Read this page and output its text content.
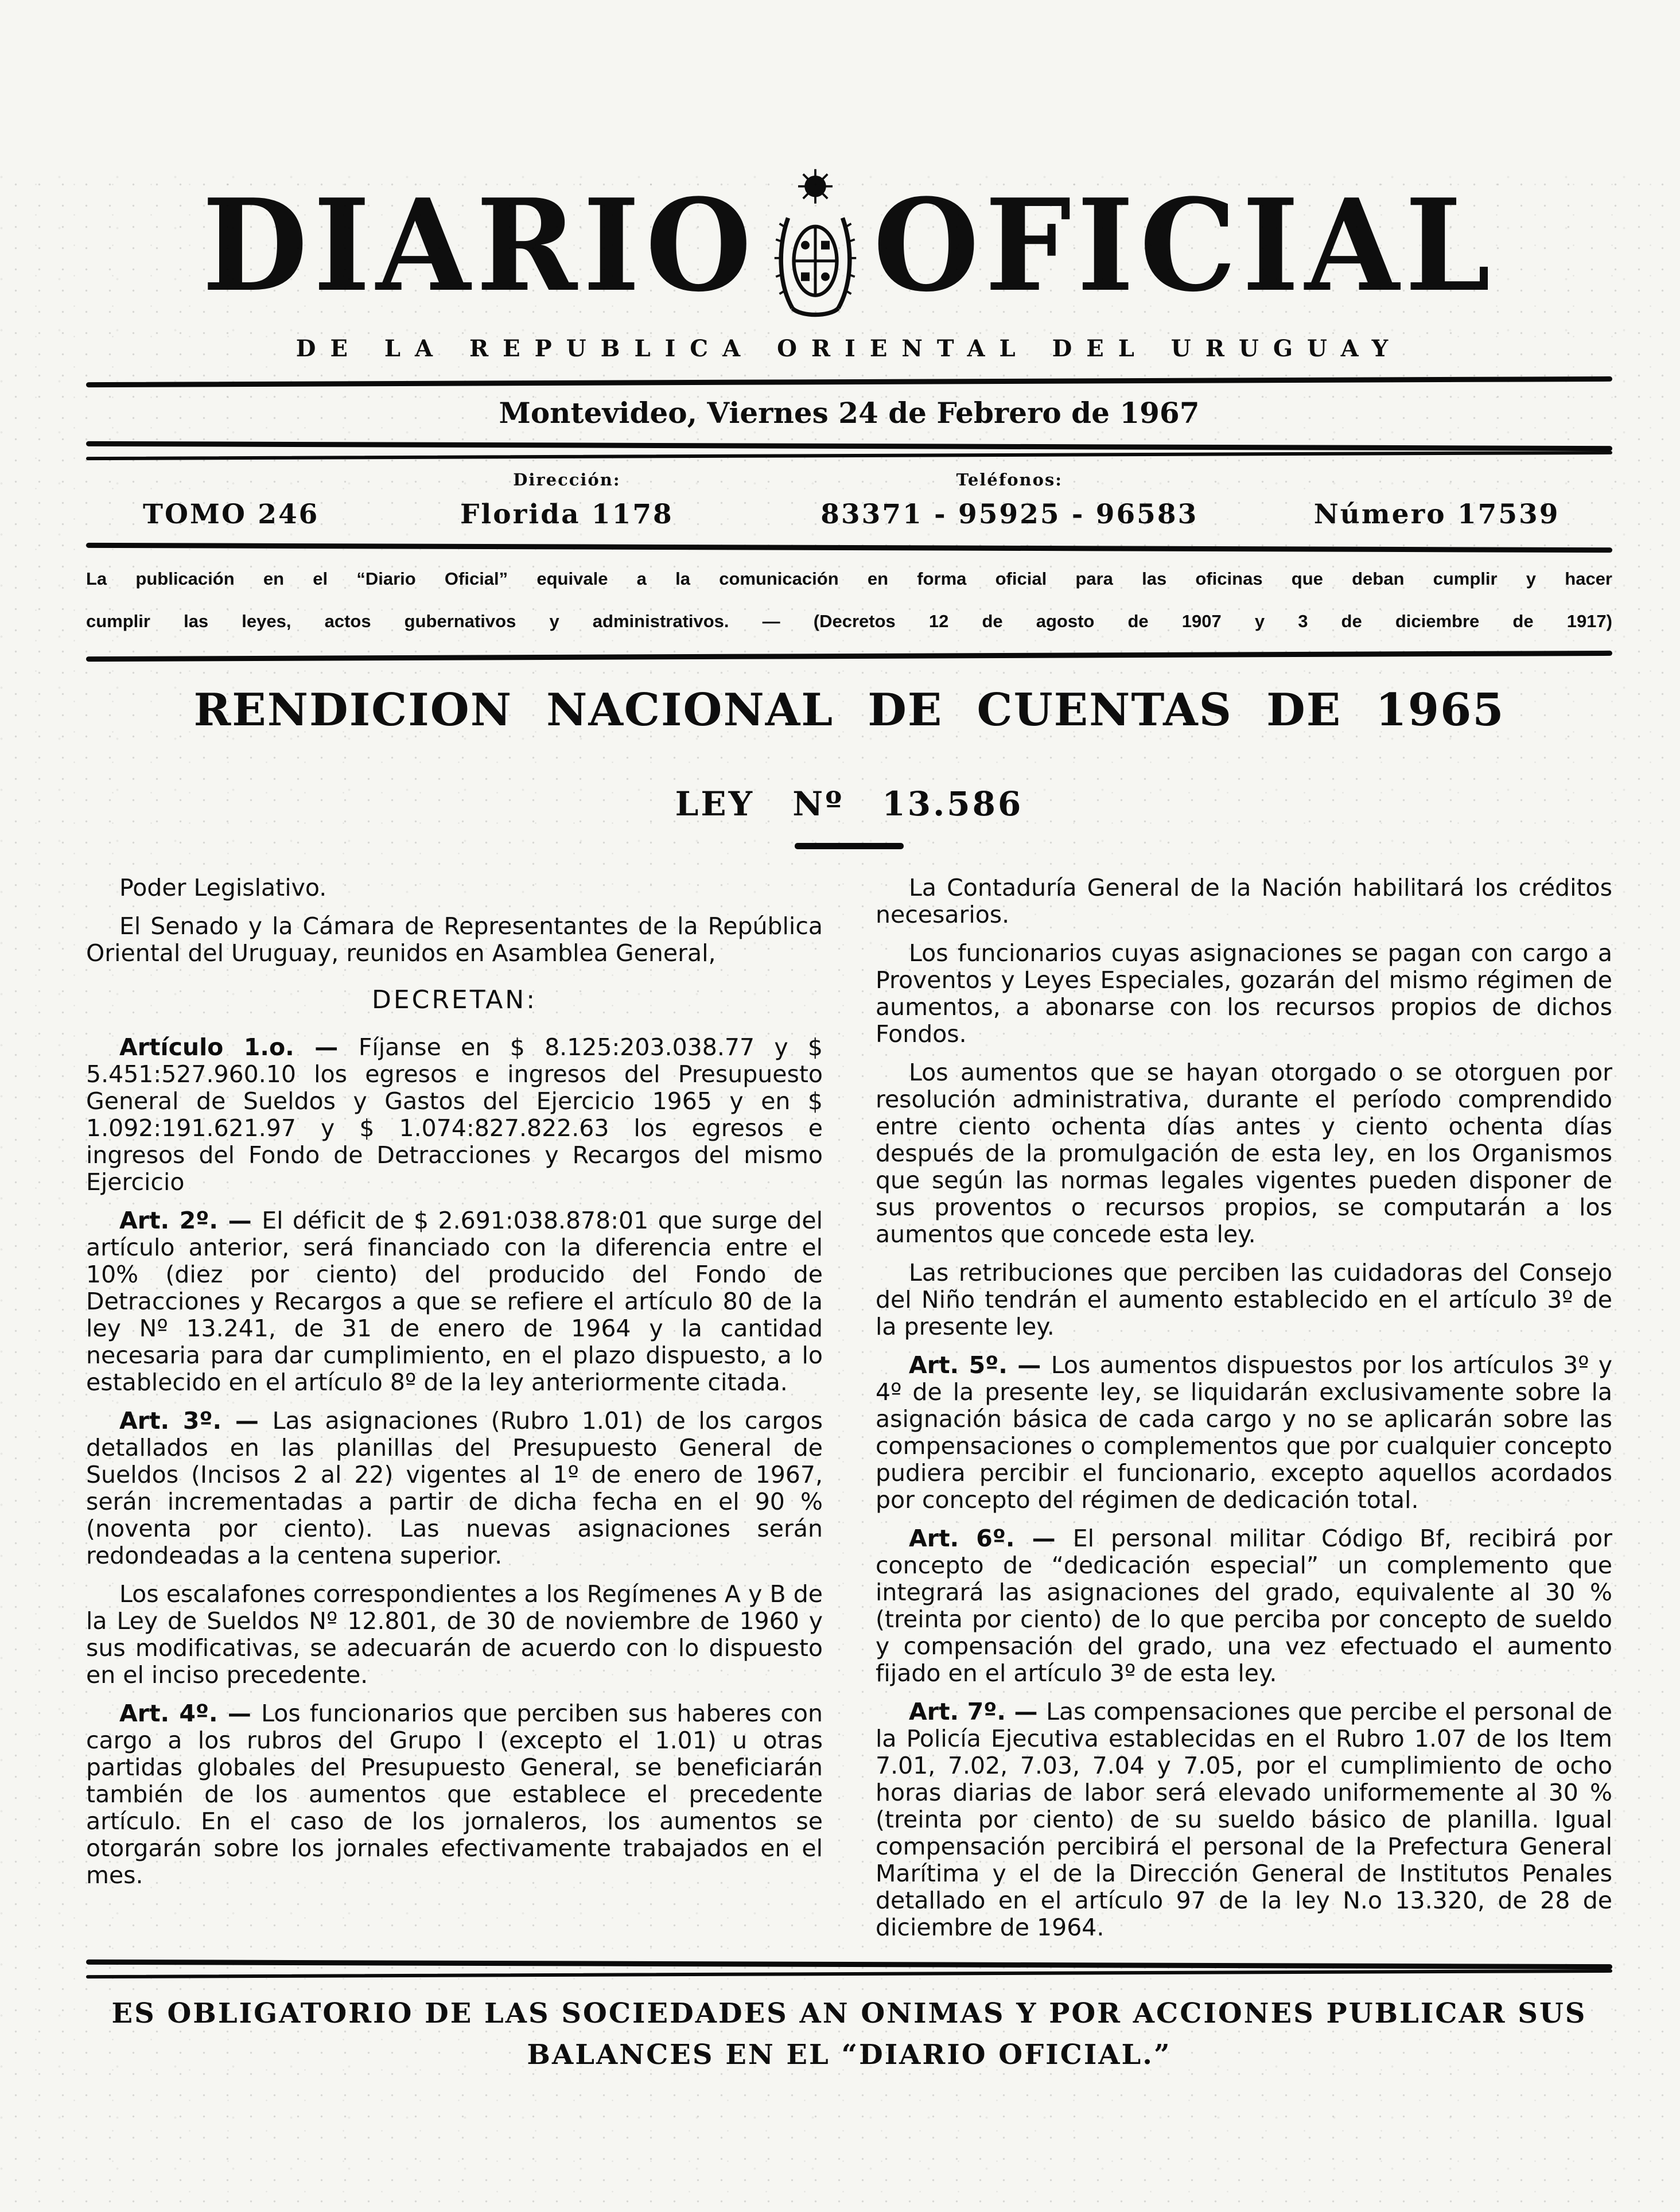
DIARIO OFICIAL
DE LA REPUBLICA ORIENTAL DEL URUGUAY
Montevideo, Viernes 24 de Febrero de 1967
TOMO 246
Dirección:
Florida 1178
Teléfonos:
83371 - 95925 - 96583	Número 17539
La publicación en el “Diario Oficial” equivale a la comunicación en forma oficial para las oficinas que deban cumplir y hacer
cumplir las leyes, actos gubernativos y administrativos. — (Decretos 12 de agosto de 1907 y 3 de diciembre de 1917)
RENDICION NACIONAL DE CUENTAS DE 1965
LEY Nº 13.586

Poder Legislativo.

El Senado y la Cámara de Representantes de la República Oriental del Uruguay, reunidos en Asamblea General,

DECRETAN:

Artículo 1.o. — Fíjanse en $ 8.125:203.038.77 y $ 5.451:527.960.10 los egresos e ingresos del Presupuesto General de Sueldos y Gastos del Ejercicio 1965 y en $ 1.092:191.621.97 y $ 1.074:827.822.63 los egresos e ingresos del Fondo de Detracciones y Recargos del mismo Ejercicio

Art. 2º. — El déficit de $ 2.691:038.878:01 que surge del artículo anterior, será financiado con la diferencia entre el 10% (diez por ciento) del producido del Fondo de Detracciones y Recargos a que se refiere el artículo 80 de la ley Nº 13.241, de 31 de enero de 1964 y la cantidad necesaria para dar cumplimiento, en el plazo dispuesto, a lo establecido en el artículo 8º de la ley anteriormente citada.

Art. 3º. — Las asignaciones (Rubro 1.01) de los cargos detallados en las planillas del Presupuesto General de Sueldos (Incisos 2 al 22) vigentes al 1º de enero de 1967, serán incrementadas a partir de dicha fecha en el 90 % (noventa por ciento). Las nuevas asignaciones serán redondeadas a la centena superior.

Los escalafones correspondientes a los Regímenes A y B de la Ley de Sueldos Nº 12.801, de 30 de noviembre de 1960 y sus modificativas, se adecuarán de acuerdo con lo dispuesto en el inciso precedente.

Art. 4º. — Los funcionarios que perciben sus haberes con cargo a los rubros del Grupo I (excepto el 1.01) u otras partidas globales del Presupuesto General, se beneficiarán también de los aumentos que establece el precedente artículo. En el caso de los jornaleros, los aumentos se otorgarán sobre los jornales efectivamente trabajados en el mes.

La Contaduría General de la Nación habilitará los créditos necesarios.

Los funcionarios cuyas asignaciones se pagan con cargo a Proventos y Leyes Especiales, gozarán del mismo régimen de aumentos, a abonarse con los recursos propios de dichos Fondos.

Los aumentos que se hayan otorgado o se otorguen por resolución administrativa, durante el período comprendido entre ciento ochenta días antes y ciento ochenta días después de la promulgación de esta ley, en los Organismos que según las normas legales vigentes pueden disponer de sus proventos o recursos propios, se computarán a los aumentos que concede esta ley.

Las retribuciones que perciben las cuidadoras del Consejo del Niño tendrán el aumento establecido en el artículo 3º de la presente ley.

Art. 5º. — Los aumentos dispuestos por los artículos 3º y 4º de la presente ley, se liquidarán exclusivamente sobre la asignación básica de cada cargo y no se aplicarán sobre las compensaciones o complementos que por cualquier concepto pudiera percibir el funcionario, excepto aquellos acordados por concepto del régimen de dedicación total.

Art. 6º. — El personal militar Código Bf, recibirá por concepto de “dedicación especial” un complemento que integrará las asignaciones del grado, equivalente al 30 % (treinta por ciento) de lo que perciba por concepto de sueldo y compensación del grado, una vez efectuado el aumento fijado en el artículo 3º de esta ley.

Art. 7º. — Las compensaciones que percibe el personal de la Policía Ejecutiva establecidas en el Rubro 1.07 de los Item 7.01, 7.02, 7.03, 7.04 y 7.05, por el cumplimiento de ocho horas diarias de labor será elevado uniformemente al 30 % (treinta por ciento) de su sueldo básico de planilla. Igual compensación percibirá el personal de la Prefectura General Marítima y el de la Dirección General de Institutos Penales detallado en el artículo 97 de la ley N.o 13.320, de 28 de diciembre de 1964.

ES OBLIGATORIO DE LAS SOCIEDADES AN ONIMAS Y POR ACCIONES PUBLICAR SUS
BALANCES EN EL “DIARIO OFICIAL.”
